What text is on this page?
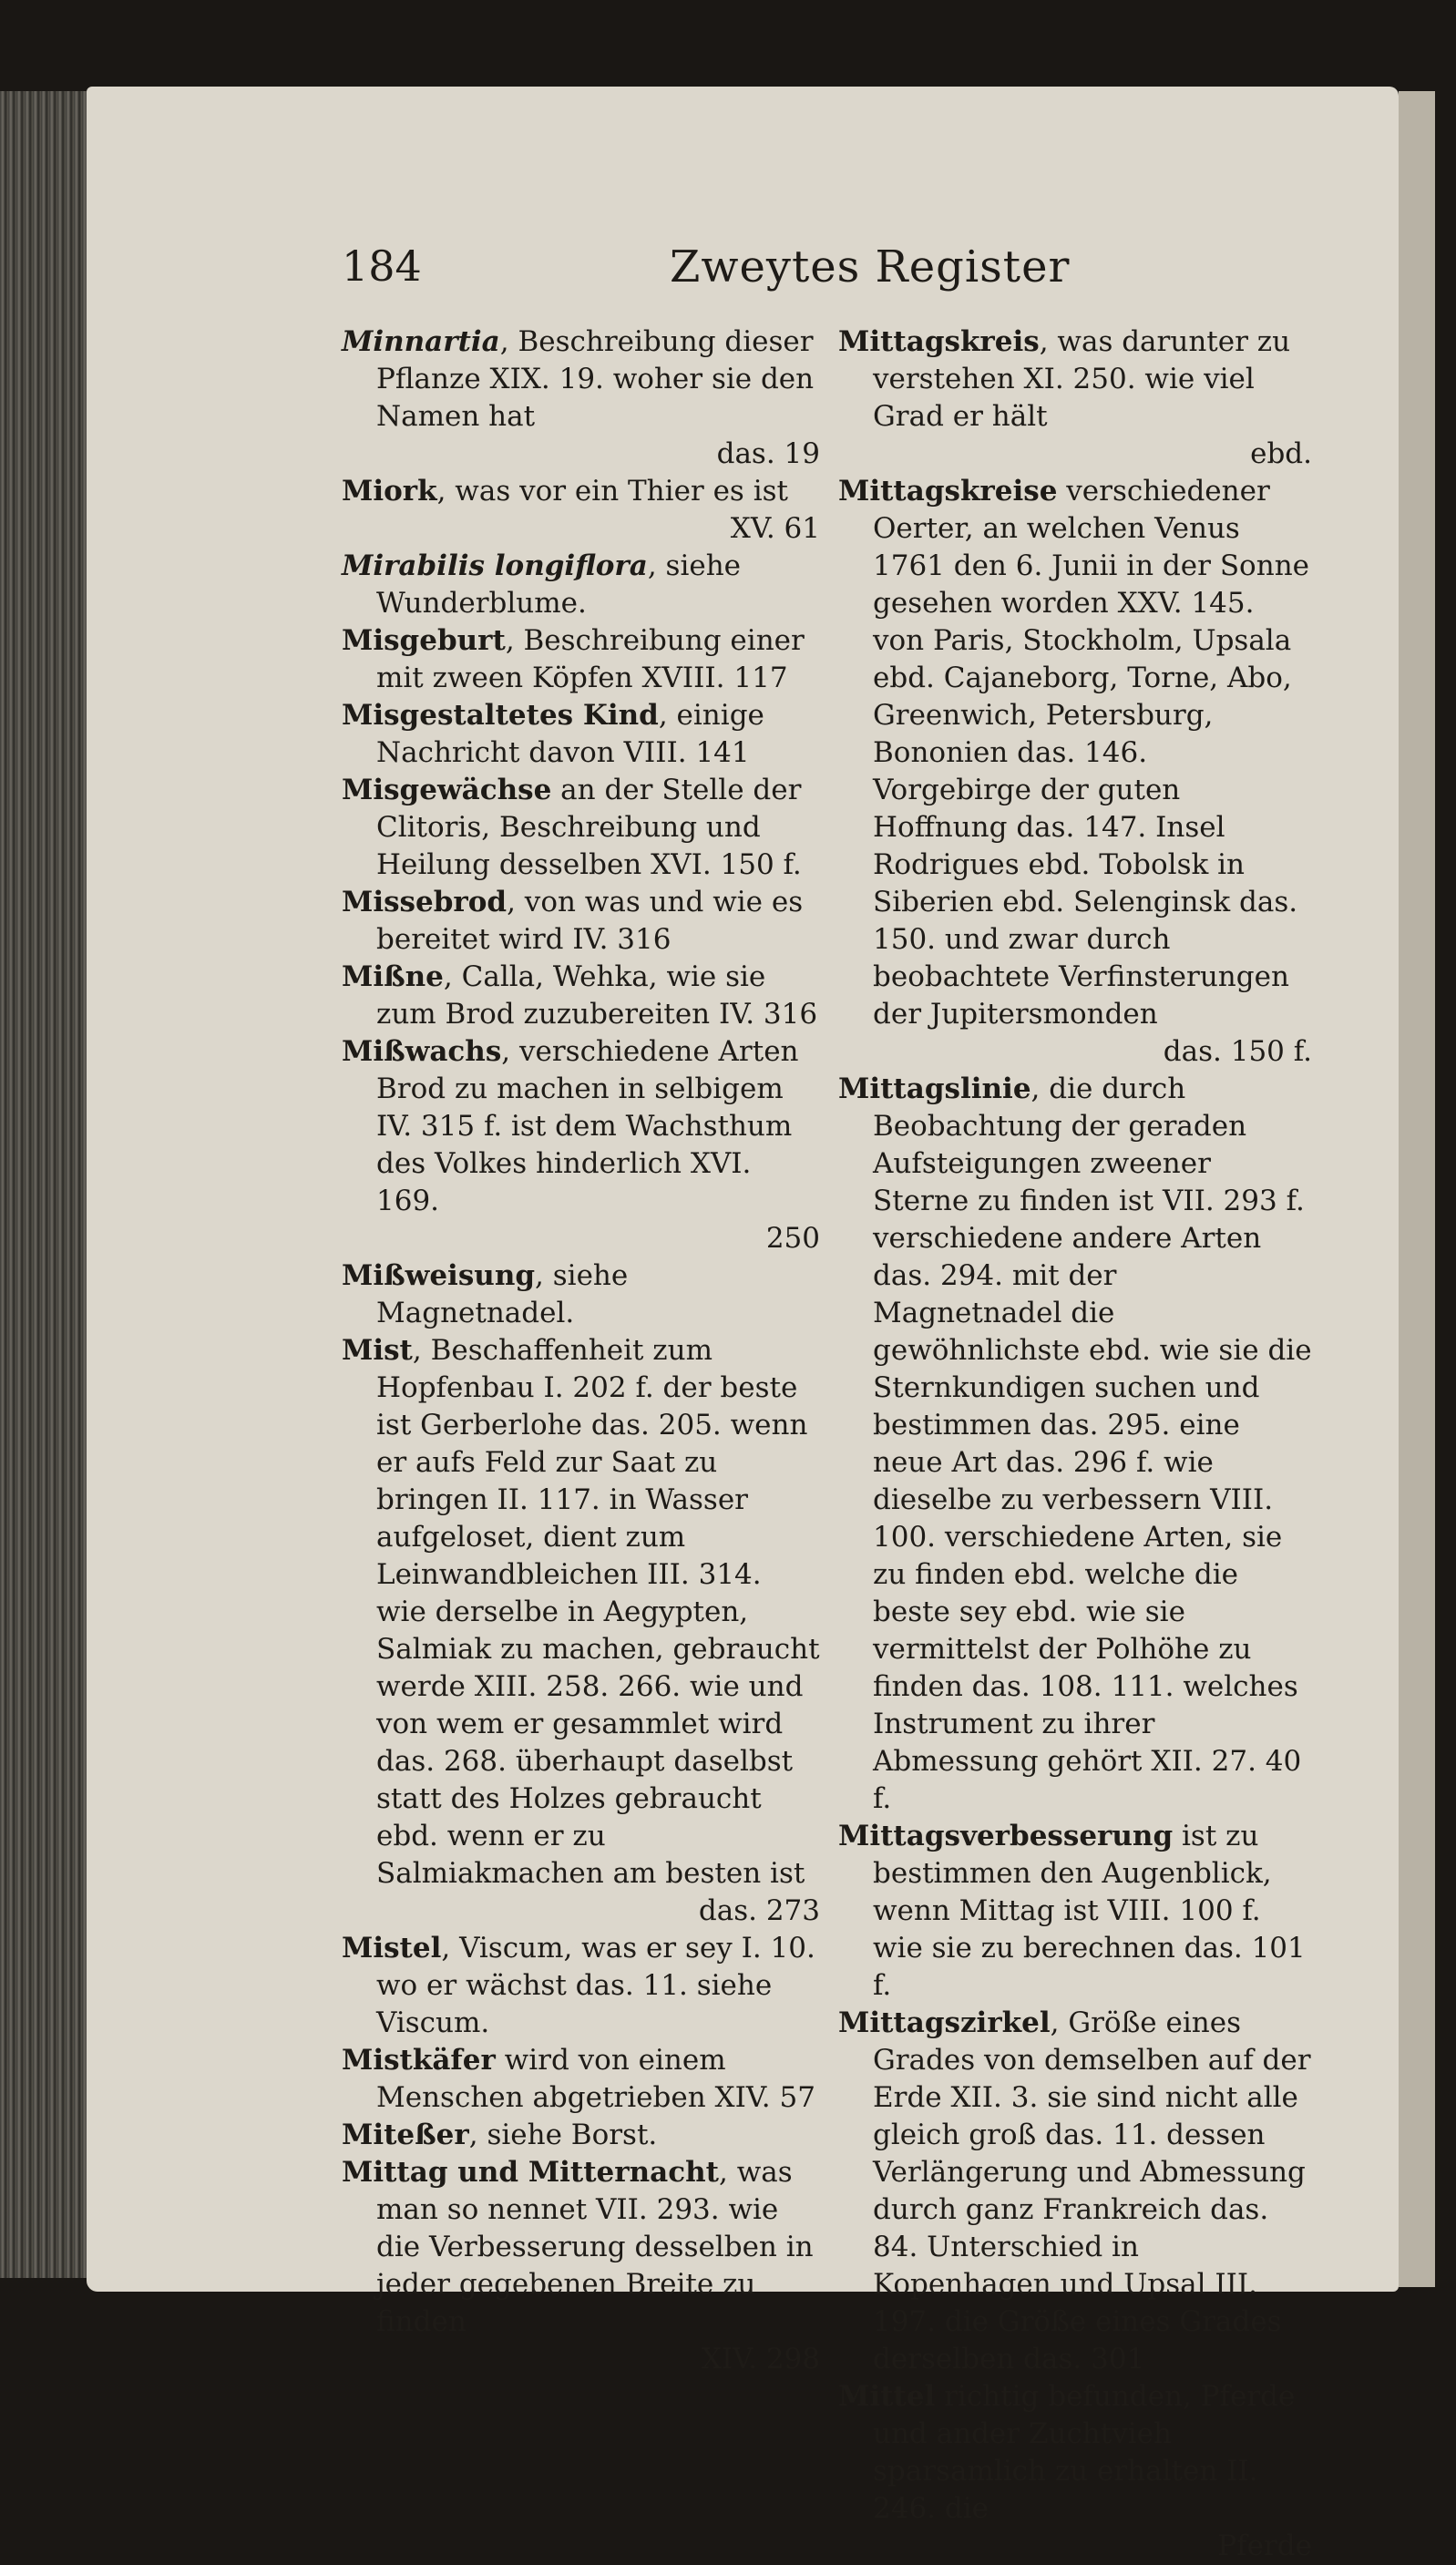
184	Zweytes Register

Minnartia, Beschreibung dieser Pflanze XIX. 19. woher sie den Namen hat

das. 19

Miork, was vor ein Thier es ist

XV. 61

Mirabilis longiflora, siehe Wunderblume.

Misgeburt, Beschreibung einer mit zween Köpfen XVIII. 117

Misgestaltetes Kind, einige Nachricht davon VIII. 141

Misgewächse an der Stelle der Clitoris, Beschreibung und Heilung desselben XVI. 150 f.

Missebrod, von was und wie es bereitet wird IV. 316

Mißne, Calla, Wehka, wie sie zum Brod zuzubereiten IV. 316

Mißwachs, verschiedene Arten Brod zu machen in selbigem IV. 315 f. ist dem Wachsthum des Volkes hinderlich XVI. 169.

250

Mißweisung, siehe Magnetnadel.

Mist, Beschaffenheit zum Hopfenbau I. 202 f. der beste ist Gerberlohe das. 205. wenn er aufs Feld zur Saat zu bringen II. 117. in Wasser aufgeloset, dient zum Leinwandbleichen III. 314. wie derselbe in Aegypten, Salmiak zu machen, gebraucht werde XIII. 258. 266. wie und von wem er gesammlet wird das. 268. überhaupt daselbst statt des Holzes gebraucht ebd. wenn er zu Salmiakmachen am besten ist

das. 273

Mistel, Viscum, was er sey I. 10. wo er wächst das. 11. siehe Viscum.

Mistkäfer wird von einem Menschen abgetrieben XIV. 57

Miteßer, siehe Borst.

Mittag und Mitternacht, was man so nennet VII. 293. wie die Verbesserung desselben in jeder gegebenen Breite zu finden

XIV. 298

Mittagskreis, was darunter zu verstehen XI. 250. wie viel Grad er hält

ebd.

Mittagskreise verschiedener Oerter, an welchen Venus 1761 den 6. Junii in der Sonne gesehen worden XXV. 145. von Paris, Stockholm, Upsala ebd. Cajaneborg, Torne, Abo, Greenwich, Petersburg, Bononien das. 146. Vorgebirge der guten Hoffnung das. 147. Insel Rodrigues ebd. Tobolsk in Siberien ebd. Selenginsk das. 150. und zwar durch beobachtete Verfinsterungen der Jupitersmonden

das. 150 f.

Mittagslinie, die durch Beobachtung der geraden Aufsteigungen zweener Sterne zu finden ist VII. 293 f. verschiedene andere Arten das. 294. mit der Magnetnadel die gewöhnlichste ebd. wie sie die Sternkundigen suchen und bestimmen das. 295. eine neue Art das. 296 f. wie dieselbe zu verbessern VIII. 100. verschiedene Arten, sie zu finden ebd. welche die beste sey ebd. wie sie vermittelst der Polhöhe zu finden das. 108. 111. welches Instrument zu ihrer Abmessung gehört XII. 27. 40 f.

Mittagsverbesserung ist zu bestimmen den Augenblick, wenn Mittag ist VIII. 100 f. wie sie zu berechnen das. 101 f.

Mittagszirkel, Größe eines Grades von demselben auf der Erde XII. 3. sie sind nicht alle gleich groß das. 11. dessen Verlängerung und Abmessung durch ganz Frankreich das. 84. Unterschied in Kopenhagen und Upsal III. 197. die Größe eines Grades derselben das. 301

Mittel richtig befunden, Pferde und ander Zuchtvieh sparsamlich zu erhalten II. 246. die

Pferde
